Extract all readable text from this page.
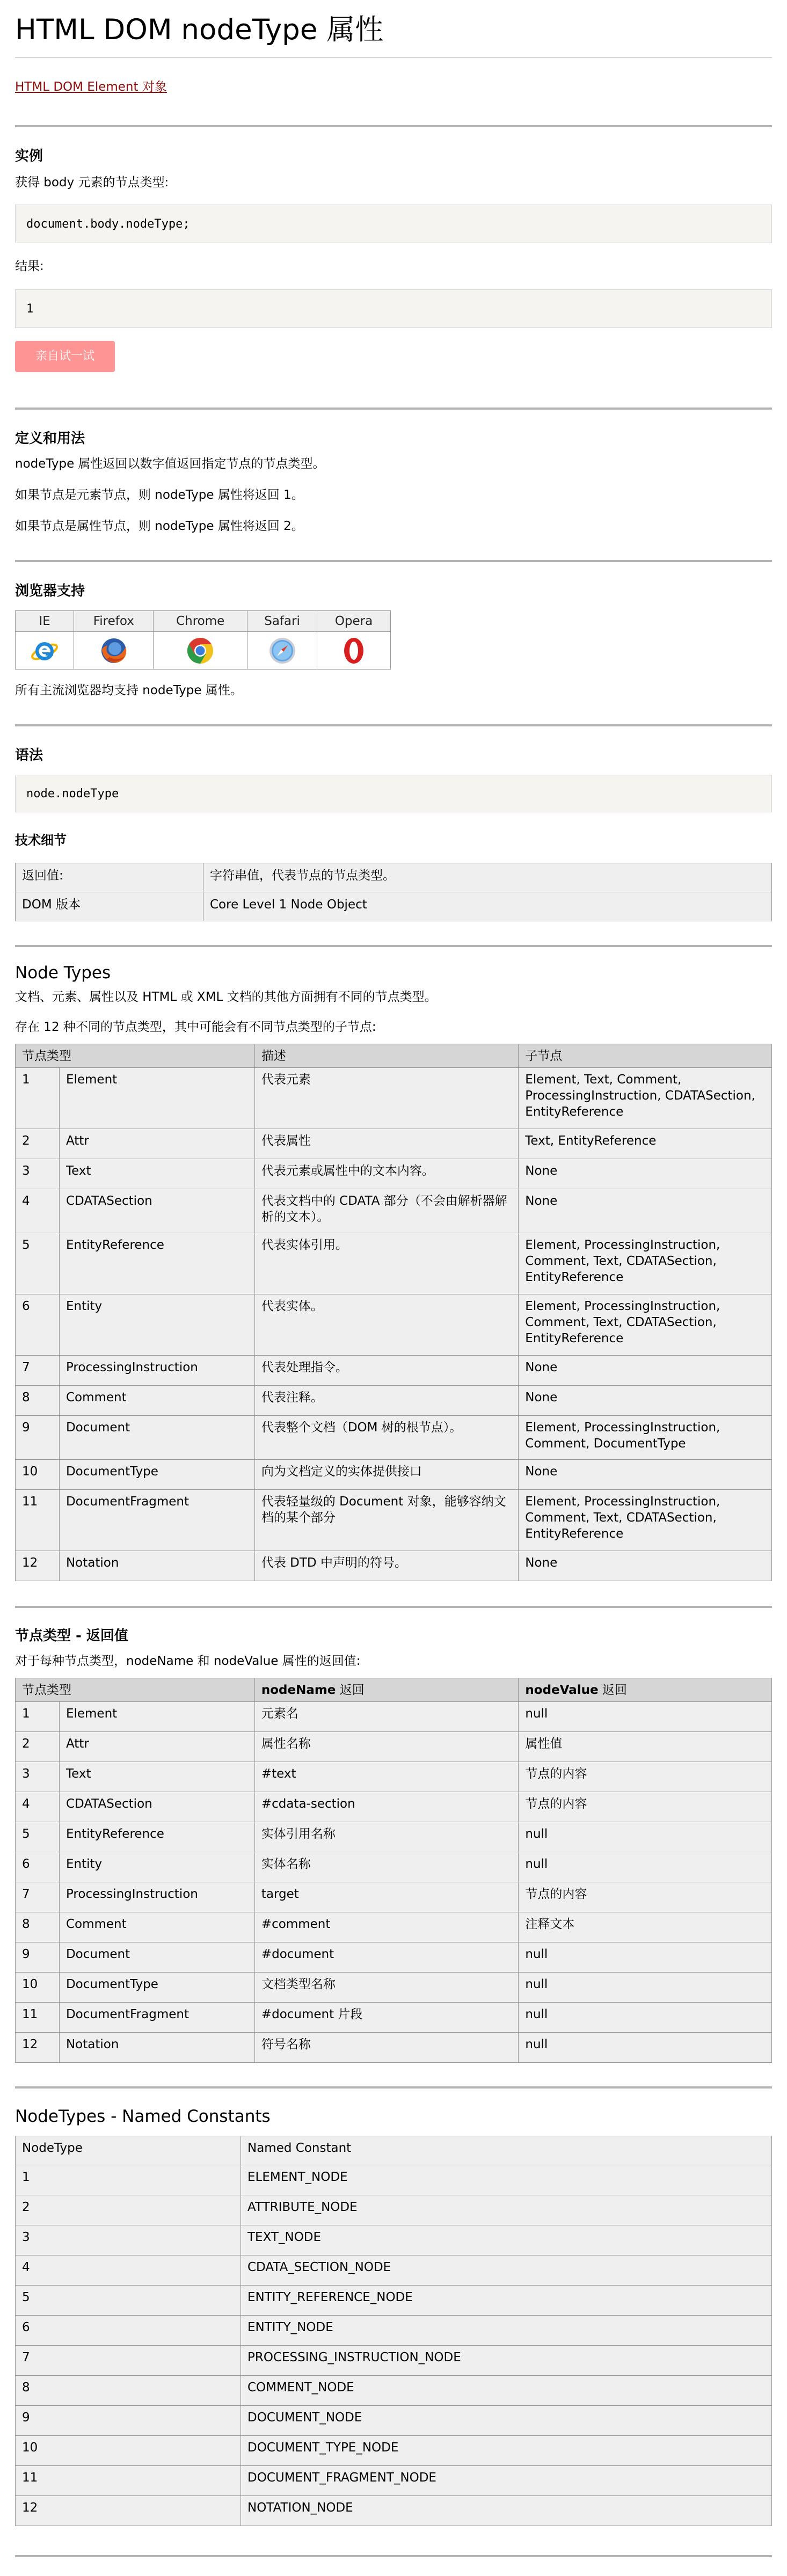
HTML DOM nodeType 属性
HTML DOM Element 对象
实例

获得 body 元素的节点类型:

document.body.nodeType;

结果:

1
亲自试一试
定义和用法

nodeType 属性返回以数字值返回指定节点的节点类型。

如果节点是元素节点，则 nodeType 属性将返回 1。

如果节点是属性节点，则 nodeType 属性将返回 2。

浏览器支持
IE	Firefox	Chrome	Safari	Opera

所有主流浏览器均支持 nodeType 属性。

语法
node.nodeType
技术细节
返回值:	字符串值，代表节点的节点类型。
DOM 版本	Core Level 1 Node Object
Node Types

文档、元素、属性以及 HTML 或 XML 文档的其他方面拥有不同的节点类型。

存在 12 种不同的节点类型，其中可能会有不同节点类型的子节点:

节点类型		描述	子节点
1	Element	代表元素	Element, Text, Comment, ProcessingInstruction, CDATASection, EntityReference
2	Attr	代表属性	Text, EntityReference
3	Text	代表元素或属性中的文本内容。	None
4	CDATASection	代表文档中的 CDATA 部分（不会由解析器解析的文本）。	None
5	EntityReference	代表实体引用。	Element, ProcessingInstruction, Comment, Text, CDATASection, EntityReference
6	Entity	代表实体。	Element, ProcessingInstruction, Comment, Text, CDATASection, EntityReference
7	ProcessingInstruction	代表处理指令。	None
8	Comment	代表注释。	None
9	Document	代表整个文档（DOM 树的根节点）。	Element, ProcessingInstruction, Comment, DocumentType
10	DocumentType	向为文档定义的实体提供接口	None
11	DocumentFragment	代表轻量级的 Document 对象，能够容纳文档的某个部分	Element, ProcessingInstruction, Comment, Text, CDATASection, EntityReference
12	Notation	代表 DTD 中声明的符号。	None
节点类型 - 返回值

对于每种节点类型，nodeName 和 nodeValue 属性的返回值:

节点类型		nodeName 返回	nodeValue 返回
1	Element	元素名	null
2	Attr	属性名称	属性值
3	Text	#text	节点的内容
4	CDATASection	#cdata-section	节点的内容
5	EntityReference	实体引用名称	null
6	Entity	实体名称	null
7	ProcessingInstruction	target	节点的内容
8	Comment	#comment	注释文本
9	Document	#document	null
10	DocumentType	文档类型名称	null
11	DocumentFragment	#document 片段	null
12	Notation	符号名称	null
NodeTypes - Named Constants
NodeType	Named Constant
1	ELEMENT_NODE
2	ATTRIBUTE_NODE
3	TEXT_NODE
4	CDATA_SECTION_NODE
5	ENTITY_REFERENCE_NODE
6	ENTITY_NODE
7	PROCESSING_INSTRUCTION_NODE
8	COMMENT_NODE
9	DOCUMENT_NODE
10	DOCUMENT_TYPE_NODE
11	DOCUMENT_FRAGMENT_NODE
12	NOTATION_NODE
